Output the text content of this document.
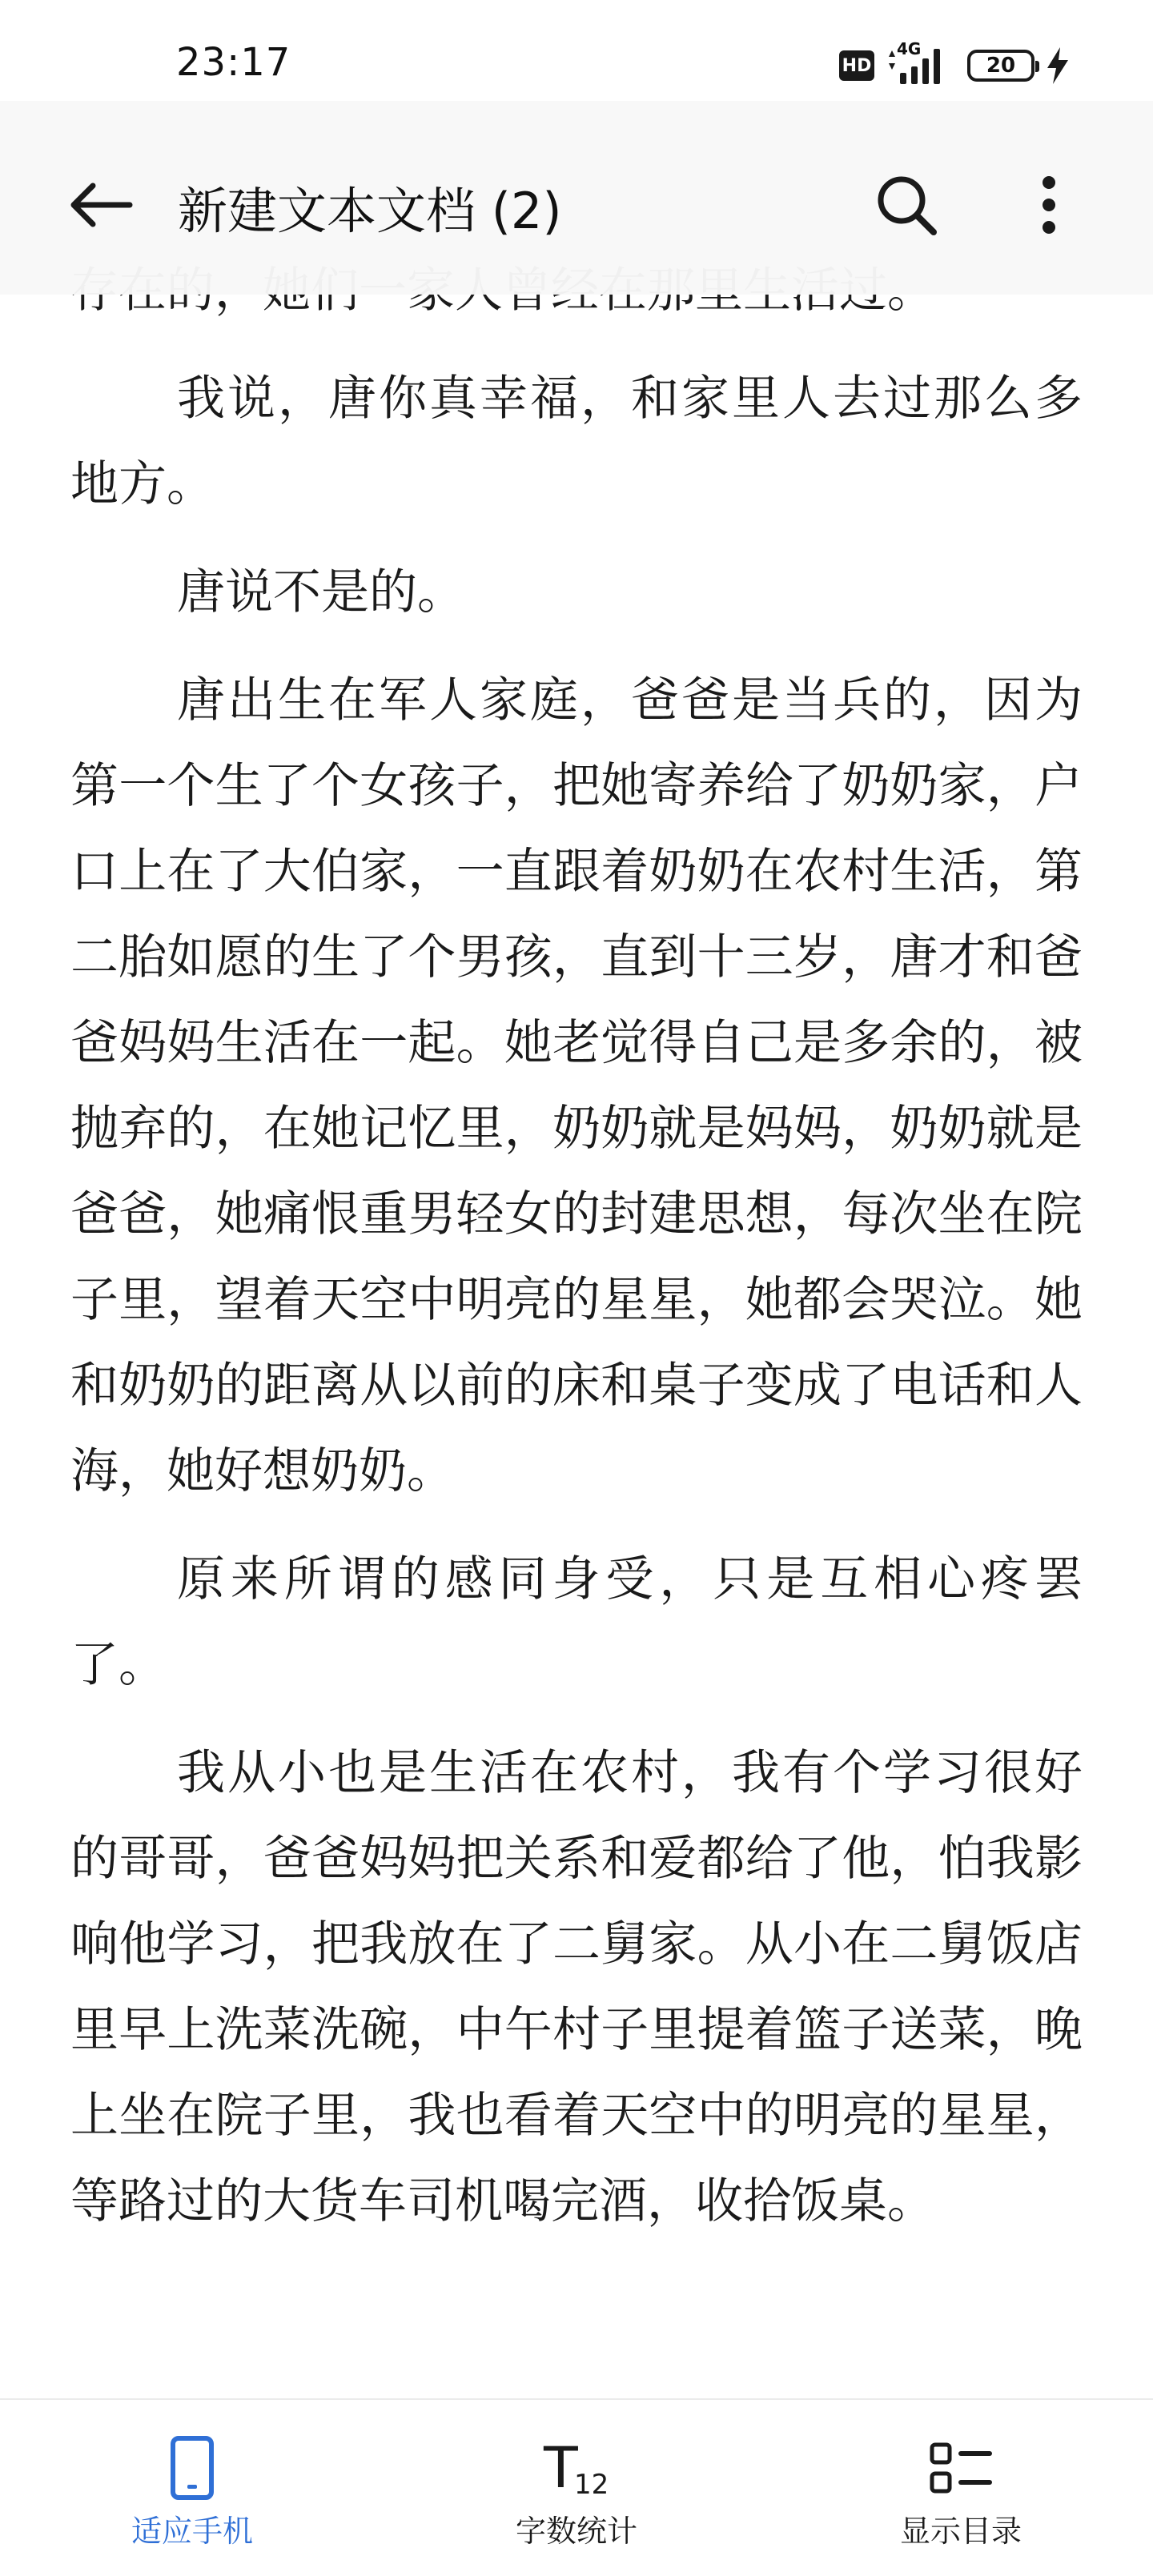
23:17	HD
4G
20
新建文本文档 (2)

我说，唐你真幸福，和家里人去过那么多地方。

唐说不是的。

唐出生在军人家庭，爸爸是当兵的，因为第一个生了个女孩子，把她寄养给了奶奶家，户口上在了大伯家，一直跟着奶奶在农村生活，第二胎如愿的生了个男孩，直到十三岁，唐才和爸爸妈妈生活在一起。她老觉得自己是多余的，被抛弃的，在她记忆里，奶奶就是妈妈，奶奶就是爸爸，她痛恨重男轻女的封建思想，每次坐在院子里，望着天空中明亮的星星，她都会哭泣。她和奶奶的距离从以前的床和桌子变成了电话和人海，她好想奶奶。

原来所谓的感同身受，只是互相心疼罢了。

我从小也是生活在农村，我有个学习很好的哥哥，爸爸妈妈把关系和爱都给了他，怕我影响他学习，把我放在了二舅家。从小在二舅饭店里早上洗菜洗碗，中午村子里提着篮子送菜，晚上坐在院子里，我也看着天空中的明亮的星星，等路过的大货车司机喝完酒，收拾饭桌。

适应手机
T
12
字数统计	显示目录
